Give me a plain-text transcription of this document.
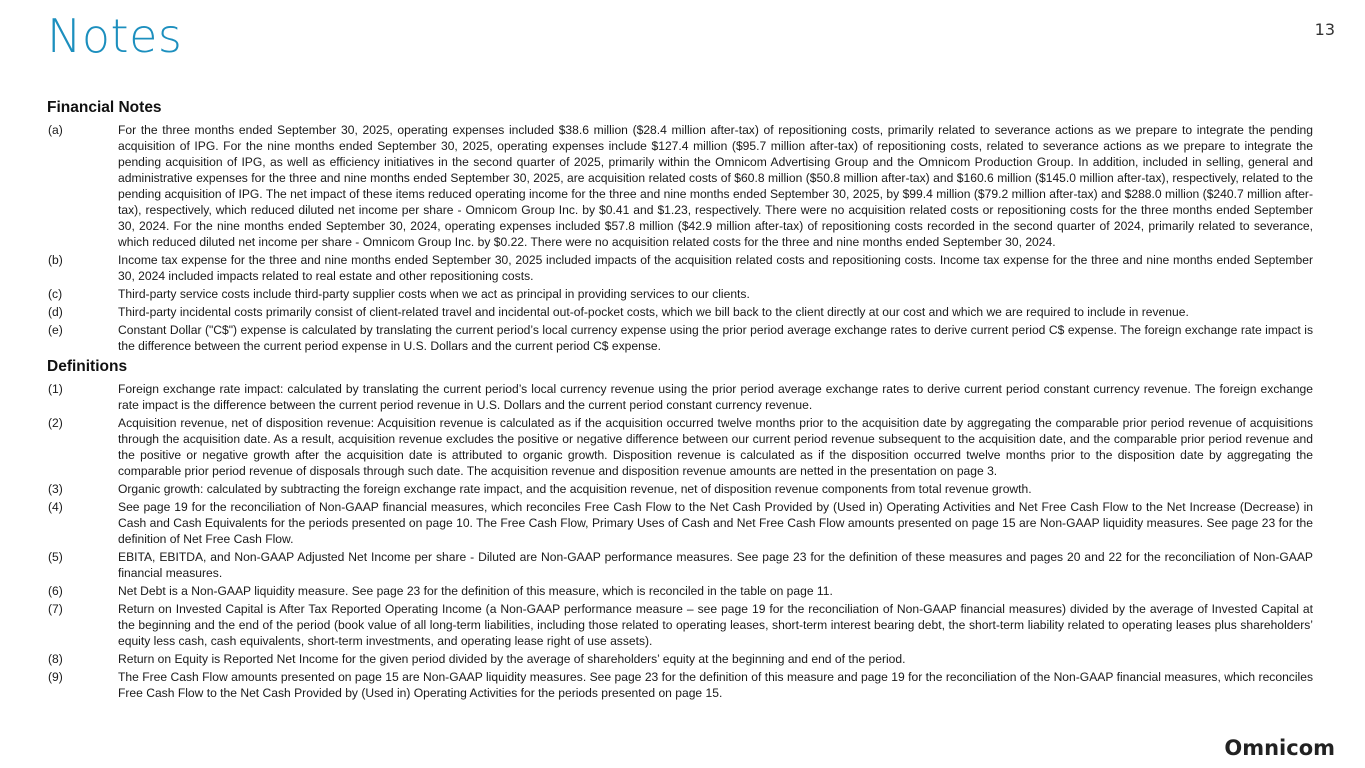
Notes	13
Financial Notes
(a)	For the three months ended September 30, 2025, operating expenses included $38.6 million ($28.4 million after-tax) of repositioning costs, primarily related to severance actions as we prepare to integrate the pending acquisition of IPG. For the nine months ended September 30, 2025, operating expenses include $127.4 million ($95.7 million after-tax) of repositioning costs, related to severance actions as we prepare to integrate the pending acquisition of IPG, as well as efficiency initiatives in the second quarter of 2025, primarily within the Omnicom Advertising Group and the Omnicom Production Group. In addition, included in selling, general and administrative expenses for the three and nine months ended September 30, 2025, are acquisition related costs of $60.8 million ($50.8 million after-tax) and $160.6 million ($145.0 million after-tax), respectively, related to the pending acquisition of IPG. The net impact of these items reduced operating income for the three and nine months ended September 30, 2025, by $99.4 million ($79.2 million after-tax) and $288.0 million ($240.7 million after-tax), respectively, which reduced diluted net income per share - Omnicom Group Inc. by $0.41 and $1.23, respectively. There were no acquisition related costs or repositioning costs for the three months ended September 30, 2024. For the nine months ended September 30, 2024, operating expenses included $57.8 million ($42.9 million after-tax) of repositioning costs recorded in the second quarter of 2024, primarily related to severance, which reduced diluted net income per share - Omnicom Group Inc. by $0.22. There were no acquisition related costs for the three and nine months ended September 30, 2024.
(b)	Income tax expense for the three and nine months ended September 30, 2025 included impacts of the acquisition related costs and repositioning costs. Income tax expense for the three and nine months ended September 30, 2024 included impacts related to real estate and other repositioning costs.
(c)	Third-party service costs include third-party supplier costs when we act as principal in providing services to our clients.
(d)	Third-party incidental costs primarily consist of client-related travel and incidental out-of-pocket costs, which we bill back to the client directly at our cost and which we are required to include in revenue.
(e)	Constant Dollar ("C$") expense is calculated by translating the current period’s local currency expense using the prior period average exchange rates to derive current period C$ expense. The foreign exchange rate impact is the difference between the current period expense in U.S. Dollars and the current period C$ expense.
Definitions
(1)	Foreign exchange rate impact: calculated by translating the current period’s local currency revenue using the prior period average exchange rates to derive current period constant currency revenue. The foreign exchange rate impact is the difference between the current period revenue in U.S. Dollars and the current period constant currency revenue.
(2)	Acquisition revenue, net of disposition revenue: Acquisition revenue is calculated as if the acquisition occurred twelve months prior to the acquisition date by aggregating the comparable prior period revenue of acquisitions through the acquisition date. As a result, acquisition revenue excludes the positive or negative difference between our current period revenue subsequent to the acquisition date, and the comparable prior period revenue and the positive or negative growth after the acquisition date is attributed to organic growth. Disposition revenue is calculated as if the disposition occurred twelve months prior to the disposition date by aggregating the comparable prior period revenue of disposals through such date. The acquisition revenue and disposition revenue amounts are netted in the presentation on page 3.
(3)	Organic growth: calculated by subtracting the foreign exchange rate impact, and the acquisition revenue, net of disposition revenue components from total revenue growth.
(4)	See page 19 for the reconciliation of Non-GAAP financial measures, which reconciles Free Cash Flow to the Net Cash Provided by (Used in) Operating Activities and Net Free Cash Flow to the Net Increase (Decrease) in Cash and Cash Equivalents for the periods presented on page 10. The Free Cash Flow, Primary Uses of Cash and Net Free Cash Flow amounts presented on page 15 are Non-GAAP liquidity measures. See page 23 for the definition of Net Free Cash Flow.
(5)	EBITA, EBITDA, and Non-GAAP Adjusted Net Income per share - Diluted are Non-GAAP performance measures. See page 23 for the definition of these measures and pages 20 and 22 for the reconciliation of Non-GAAP financial measures.
(6)	Net Debt is a Non-GAAP liquidity measure. See page 23 for the definition of this measure, which is reconciled in the table on page 11.
(7)	Return on Invested Capital is After Tax Reported Operating Income (a Non-GAAP performance measure – see page 19 for the reconciliation of Non-GAAP financial measures) divided by the average of Invested Capital at the beginning and the end of the period (book value of all long-term liabilities, including those related to operating leases, short-term interest bearing debt, the short-term liability related to operating leases plus shareholders’ equity less cash, cash equivalents, short-term investments, and operating lease right of use assets).
(8)	Return on Equity is Reported Net Income for the given period divided by the average of shareholders’ equity at the beginning and end of the period.
(9)	The Free Cash Flow amounts presented on page 15 are Non-GAAP liquidity measures. See page 23 for the definition of this measure and page 19 for the reconciliation of the Non-GAAP financial measures, which reconciles Free Cash Flow to the Net Cash Provided by (Used in) Operating Activities for the periods presented on page 15.
Omnicom
